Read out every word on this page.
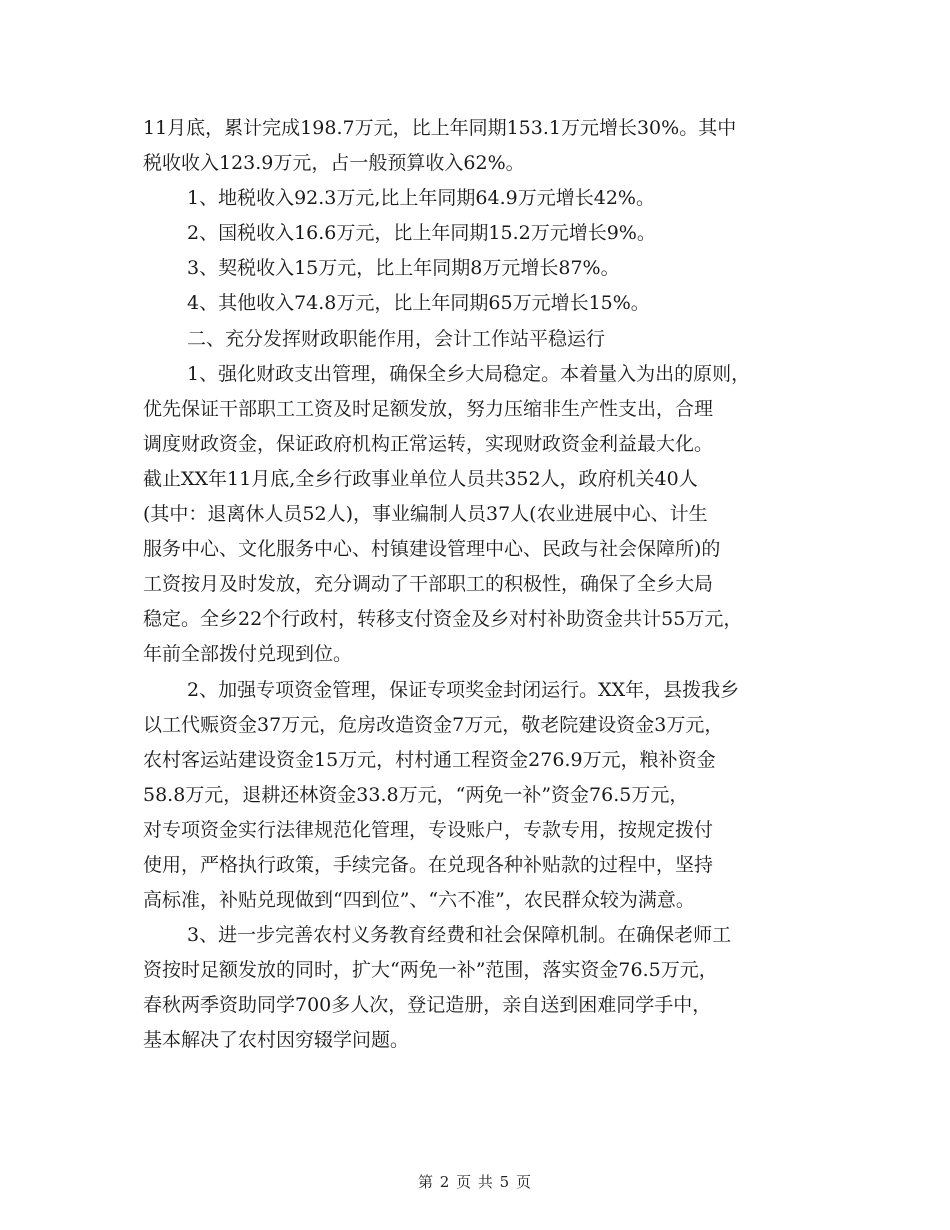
11月底，累计完成198.7万元，比上年同期153.1万元增长30%。其中
税收收入123.9万元，占一般预算收入62%。
1、地税收入92.3万元,比上年同期64.9万元增长42%。
2、国税收入16.6万元，比上年同期15.2万元增长9%。
3、契税收入15万元，比上年同期8万元增长87%。
4、其他收入74.8万元，比上年同期65万元增长15%。
二、充分发挥财政职能作用，会计工作站平稳运行
1、强化财政支出管理，确保全乡大局稳定。本着量入为出的原则，
优先保证干部职工工资及时足额发放，努力压缩非生产性支出，合理
调度财政资金，保证政府机构正常运转，实现财政资金利益最大化。
截止XX年11月底,全乡行政事业单位人员共352人，政府机关40人
(其中：退离休人员52人)，事业编制人员37人(农业进展中心、计生
服务中心、文化服务中心、村镇建设管理中心、民政与社会保障所)的
工资按月及时发放，充分调动了干部职工的积极性，确保了全乡大局
稳定。全乡22个行政村，转移支付资金及乡对村补助资金共计55万元，
年前全部拨付兑现到位。
2、加强专项资金管理，保证专项奖金封闭运行。XX年，县拨我乡
以工代赈资金37万元，危房改造资金7万元，敬老院建设资金3万元，
农村客运站建设资金15万元，村村通工程资金276.9万元，粮补资金
58.8万元，退耕还林资金33.8万元，“两免一补”资金76.5万元，
对专项资金实行法律规范化管理，专设账户，专款专用，按规定拨付
使用，严格执行政策，手续完备。在兑现各种补贴款的过程中，坚持
高标准，补贴兑现做到“四到位”、“六不准”，农民群众较为满意。
3、进一步完善农村义务教育经费和社会保障机制。在确保老师工
资按时足额发放的同时，扩大“两免一补”范围，落实资金76.5万元，
春秋两季资助同学700多人次，登记造册，亲自送到困难同学手中，
基本解决了农村因穷辍学问题。
第 2 页 共 5 页
